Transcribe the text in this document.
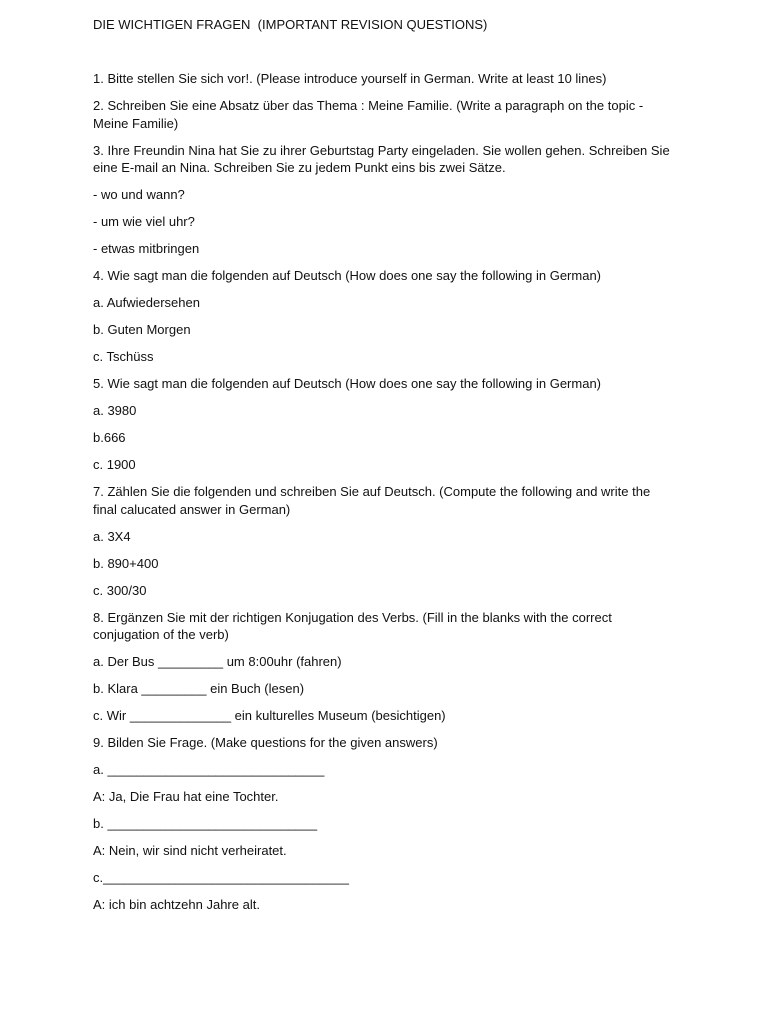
DIE WICHTIGEN FRAGEN  (IMPORTANT REVISION QUESTIONS)

1. Bitte stellen Sie sich vor!. (Please introduce yourself in German. Write at least 10 lines)

2. Schreiben Sie eine Absatz über das Thema : Meine Familie. (Write a paragraph on the topic - Meine Familie)

3. Ihre Freundin Nina hat Sie zu ihrer Geburtstag Party eingeladen. Sie wollen gehen. Schreiben Sie eine E-mail an Nina. Schreiben Sie zu jedem Punkt eins bis zwei Sätze.

- wo und wann?

- um wie viel uhr?

- etwas mitbringen

4. Wie sagt man die folgenden auf Deutsch (How does one say the following in German)

a. Aufwiedersehen

b. Guten Morgen

c. Tschüss

5. Wie sagt man die folgenden auf Deutsch (How does one say the following in German)

a. 3980

b.666

c. 1900

7. Zählen Sie die folgenden und schreiben Sie auf Deutsch. (Compute the following and write the final calucated answer in German)

a. 3X4

b. 890+400

c. 300/30

8. Ergänzen Sie mit der richtigen Konjugation des Verbs. (Fill in the blanks with the correct conjugation of the verb)

a. Der Bus _________ um 8:00uhr (fahren)

b. Klara _________ ein Buch (lesen)

c. Wir ______________ ein kulturelles Museum (besichtigen)

9. Bilden Sie Frage. (Make questions for the given answers)

a. ______________________________

A: Ja, Die Frau hat eine Tochter.

b. _____________________________

A: Nein, wir sind nicht verheiratet.

c.__________________________________

A: ich bin achtzehn Jahre alt.
